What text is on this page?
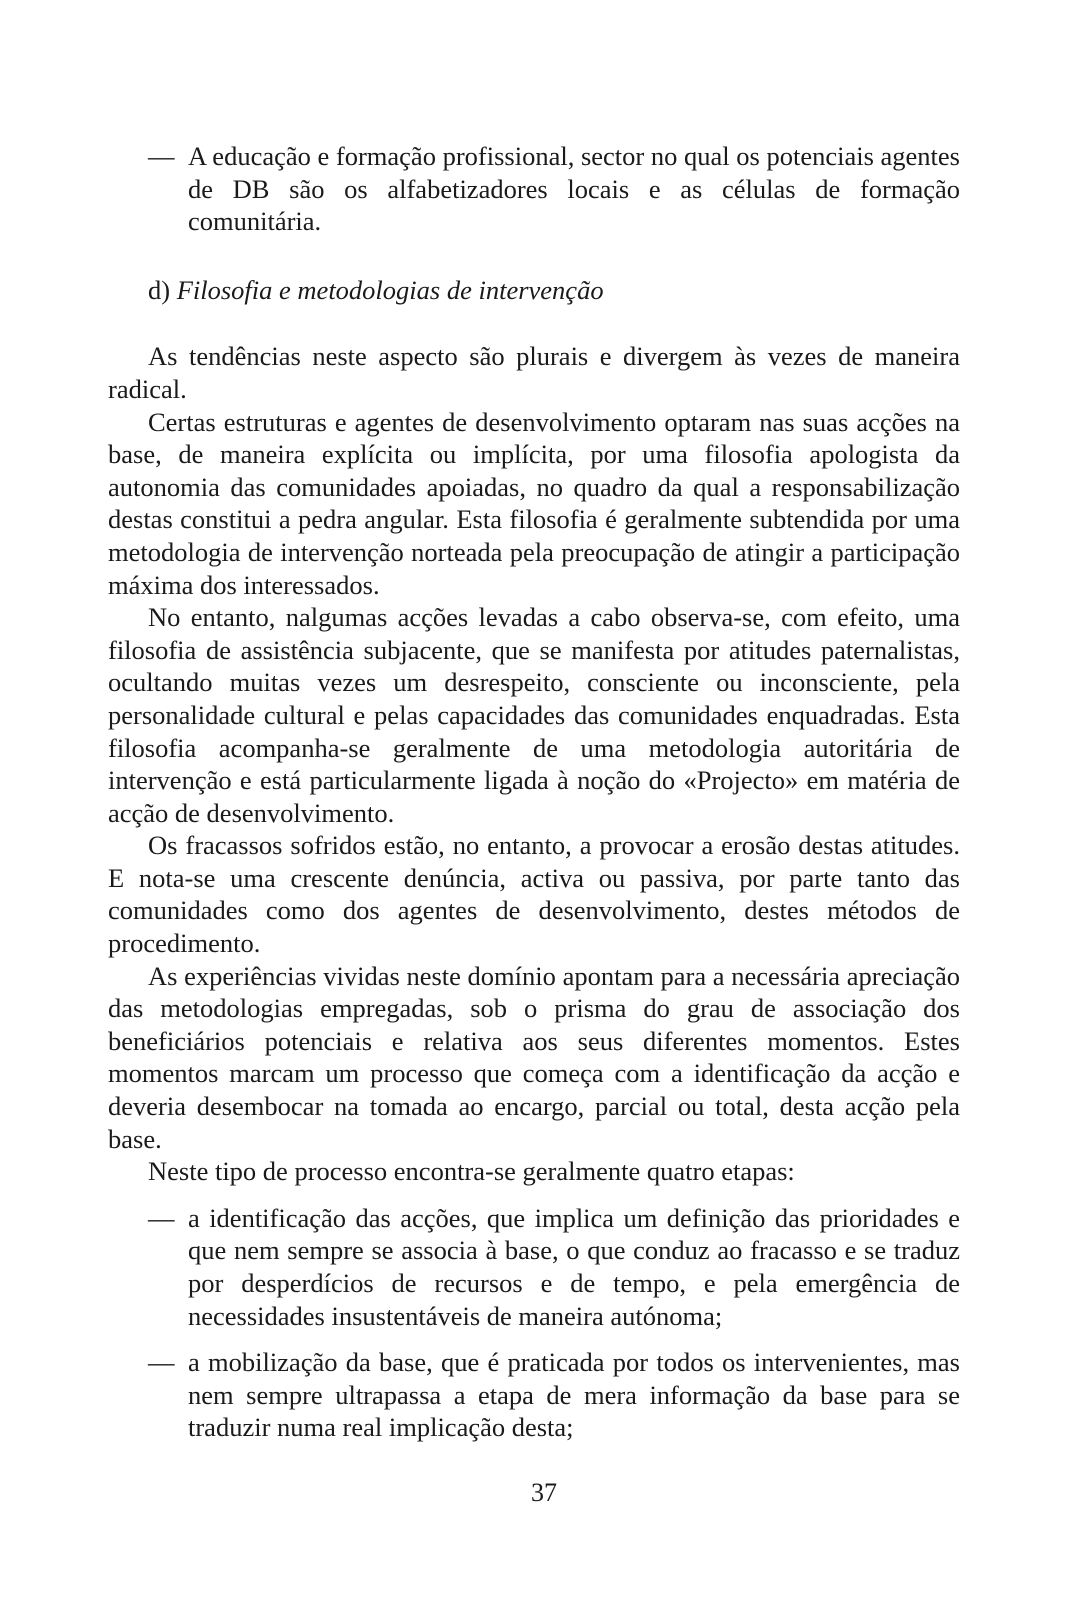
— A educação e formação profissional, sector no qual os potenciais agentes de DB são os alfabetizadores locais e as células de formação comunitária.
d) Filosofia e metodologias de intervenção

As tendências neste aspecto são plurais e divergem às vezes de maneira radical.

Certas estruturas e agentes de desenvolvimento optaram nas suas acções na base, de maneira explícita ou implícita, por uma filosofia apologista da autonomia das comunidades apoiadas, no quadro da qual a responsabilização destas constitui a pedra angular. Esta filosofia é geralmente subtendida por uma metodologia de intervenção norteada pela preocupação de atingir a participação máxima dos interessados.

No entanto, nalgumas acções levadas a cabo observa-se, com efeito, uma filosofia de assistência subjacente, que se manifesta por atitudes paternalistas, ocultando muitas vezes um desrespeito, consciente ou inconsciente, pela personalidade cultural e pelas capacidades das comunidades enquadradas. Esta filosofia acompanha-se geralmente de uma metodologia autoritária de intervenção e está particularmente ligada à noção do «Projecto» em matéria de acção de desenvolvimento.

Os fracassos sofridos estão, no entanto, a provocar a erosão destas atitudes. E nota-se uma crescente denúncia, activa ou passiva, por parte tanto das comunidades como dos agentes de desenvolvimento, destes métodos de procedimento.

As experiências vividas neste domínio apontam para a necessária apreciação das metodologias empregadas, sob o prisma do grau de associação dos beneficiários potenciais e relativa aos seus diferentes momentos. Estes momentos marcam um processo que começa com a identificação da acção e deveria desembocar na tomada ao encargo, parcial ou total, desta acção pela base.

Neste tipo de processo encontra-se geralmente quatro etapas:

— a identificação das acções, que implica um definição das prioridades e que nem sempre se associa à base, o que conduz ao fracasso e se traduz por desperdícios de recursos e de tempo, e pela emergência de necessidades insustentáveis de maneira autónoma;
— a mobilização da base, que é praticada por todos os intervenientes, mas nem sempre ultrapassa a etapa de mera informação da base para se traduzir numa real implicação desta;
37
